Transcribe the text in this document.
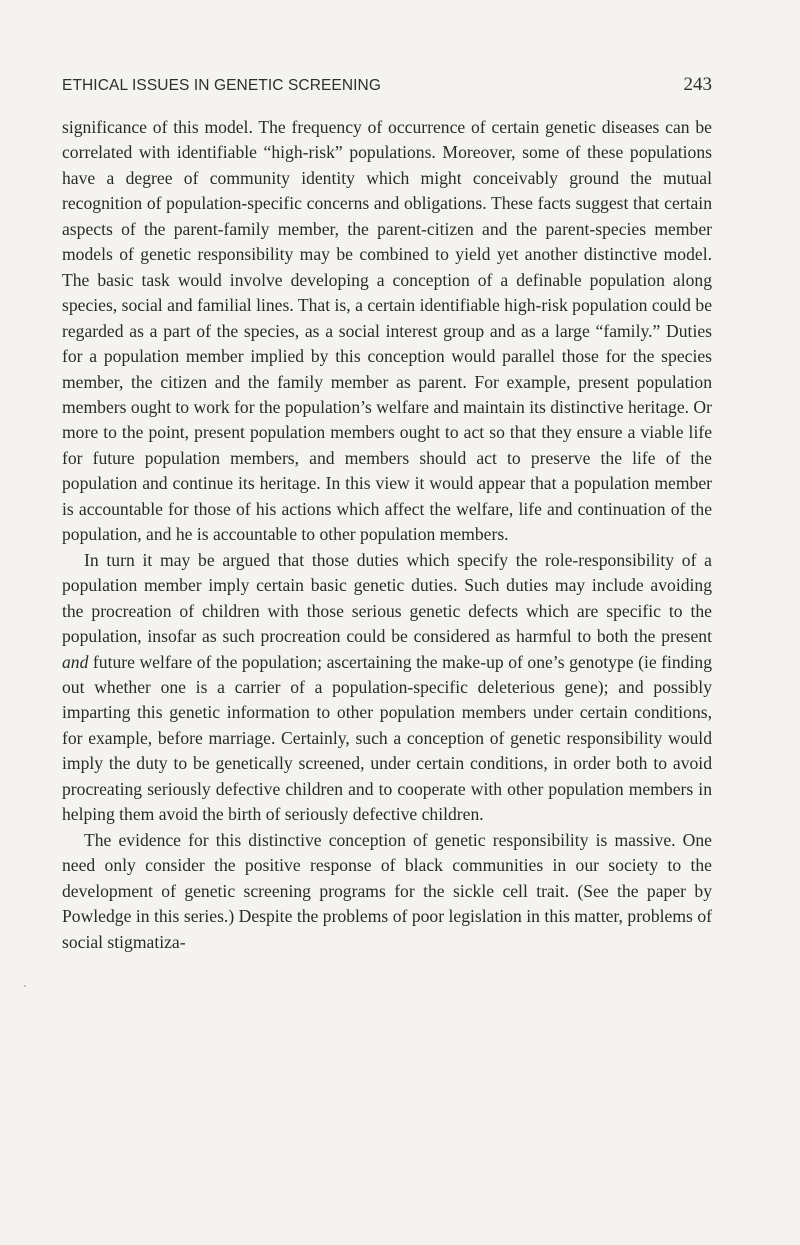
ETHICAL ISSUES IN GENETIC SCREENING	243

significance of this model. The frequency of occurrence of certain genetic diseases can be correlated with identifiable “high-risk” populations. Moreover, some of these populations have a degree of community identity which might conceivably ground the mutual recognition of population-specific concerns and obligations. These facts suggest that certain aspects of the parent-family member, the parent-citizen and the parent-species member models of genetic responsibility may be combined to yield yet another distinctive model. The basic task would involve developing a conception of a definable population along species, social and familial lines. That is, a certain identifiable high-risk population could be regarded as a part of the species, as a social interest group and as a large “family.” Duties for a population member implied by this conception would parallel those for the species member, the citizen and the family member as parent. For example, present population members ought to work for the population’s welfare and maintain its distinctive heritage. Or more to the point, present population members ought to act so that they ensure a viable life for future population members, and members should act to preserve the life of the population and continue its heritage. In this view it would appear that a population member is accountable for those of his actions which affect the welfare, life and continuation of the population, and he is accountable to other population members.

In turn it may be argued that those duties which specify the role-responsibility of a population member imply certain basic genetic duties. Such duties may include avoiding the procreation of children with those serious genetic defects which are specific to the population, insofar as such procreation could be considered as harmful to both the present and future welfare of the population; ascertaining the make-up of one’s genotype (ie finding out whether one is a carrier of a population-specific deleterious gene); and possibly imparting this genetic information to other population members under certain conditions, for example, before marriage. Certainly, such a conception of genetic responsibility would imply the duty to be genetically screened, under certain conditions, in order both to avoid procreating seriously defective children and to cooperate with other population members in helping them avoid the birth of seriously defective children.

The evidence for this distinctive conception of genetic responsibility is massive. One need only consider the positive response of black communities in our society to the development of genetic screening programs for the sickle cell trait. (See the paper by Powledge in this series.) Despite the problems of poor legislation in this matter, problems of social stigmatiza-
